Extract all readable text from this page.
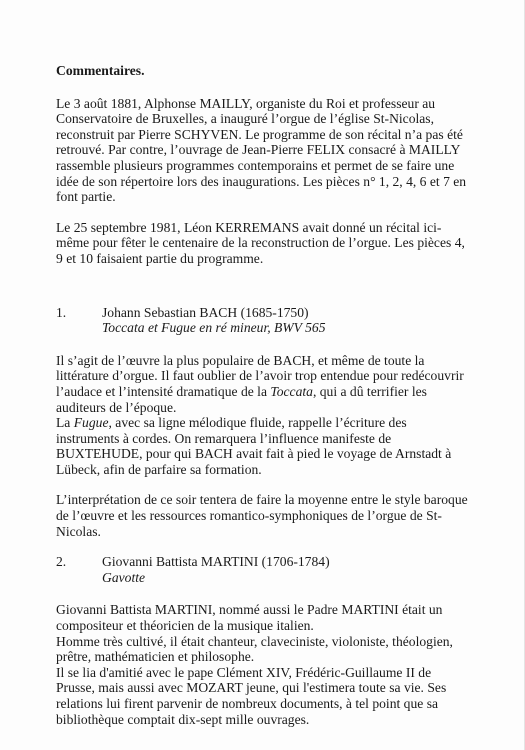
Commentaires.

Le 3 août 1881, Alphonse MAILLY, organiste du Roi et professeur au Conservatoire de Bruxelles, a inauguré l’orgue de l’église St-Nicolas, reconstruit par Pierre SCHYVEN. Le programme de son récital n’a pas été retrouvé. Par contre, l’ouvrage de Jean-Pierre FELIX consacré à MAILLY rassemble plusieurs programmes contemporains et permet de se faire une idée de son répertoire lors des inaugurations. Les pièces n° 1, 2, 4, 6 et 7 en font partie.

Le 25 septembre 1981, Léon KERREMANS avait donné un récital ici-même pour fêter le centenaire de la reconstruction de l’orgue. Les pièces 4, 9 et 10 faisaient partie du programme.

1.	Johann Sebastian BACH (1685-1750)
Toccata et Fugue en ré mineur, BWV 565

Il s’agit de l’œuvre la plus populaire de BACH, et même de toute la littérature d’orgue. Il faut oublier de l’avoir trop entendue pour redécouvrir l’audace et l’intensité dramatique de la Toccata, qui a dû terrifier les auditeurs de l’époque.

La Fugue, avec sa ligne mélodique fluide, rappelle l’écriture des instruments à cordes. On remarquera l’influence manifeste de BUXTEHUDE, pour qui BACH avait fait à pied le voyage de Arnstadt à Lübeck, afin de parfaire sa formation.

L’interprétation de ce soir tentera de faire la moyenne entre le style baroque de l’œuvre et les ressources romantico-symphoniques de l’orgue de St-Nicolas.

2.	Giovanni Battista MARTINI (1706-1784)
Gavotte

Giovanni Battista MARTINI, nommé aussi le Padre MARTINI était un compositeur et théoricien de la musique italien.

Homme très cultivé, il était chanteur, claveciniste, violoniste, théologien, prêtre, mathématicien et philosophe.

Il se lia d'amitié avec le pape Clément XIV, Frédéric-Guillaume II de Prusse, mais aussi avec MOZART jeune, qui l'estimera toute sa vie. Ses relations lui firent parvenir de nombreux documents, à tel point que sa bibliothèque comptait dix-sept mille ouvrages.
